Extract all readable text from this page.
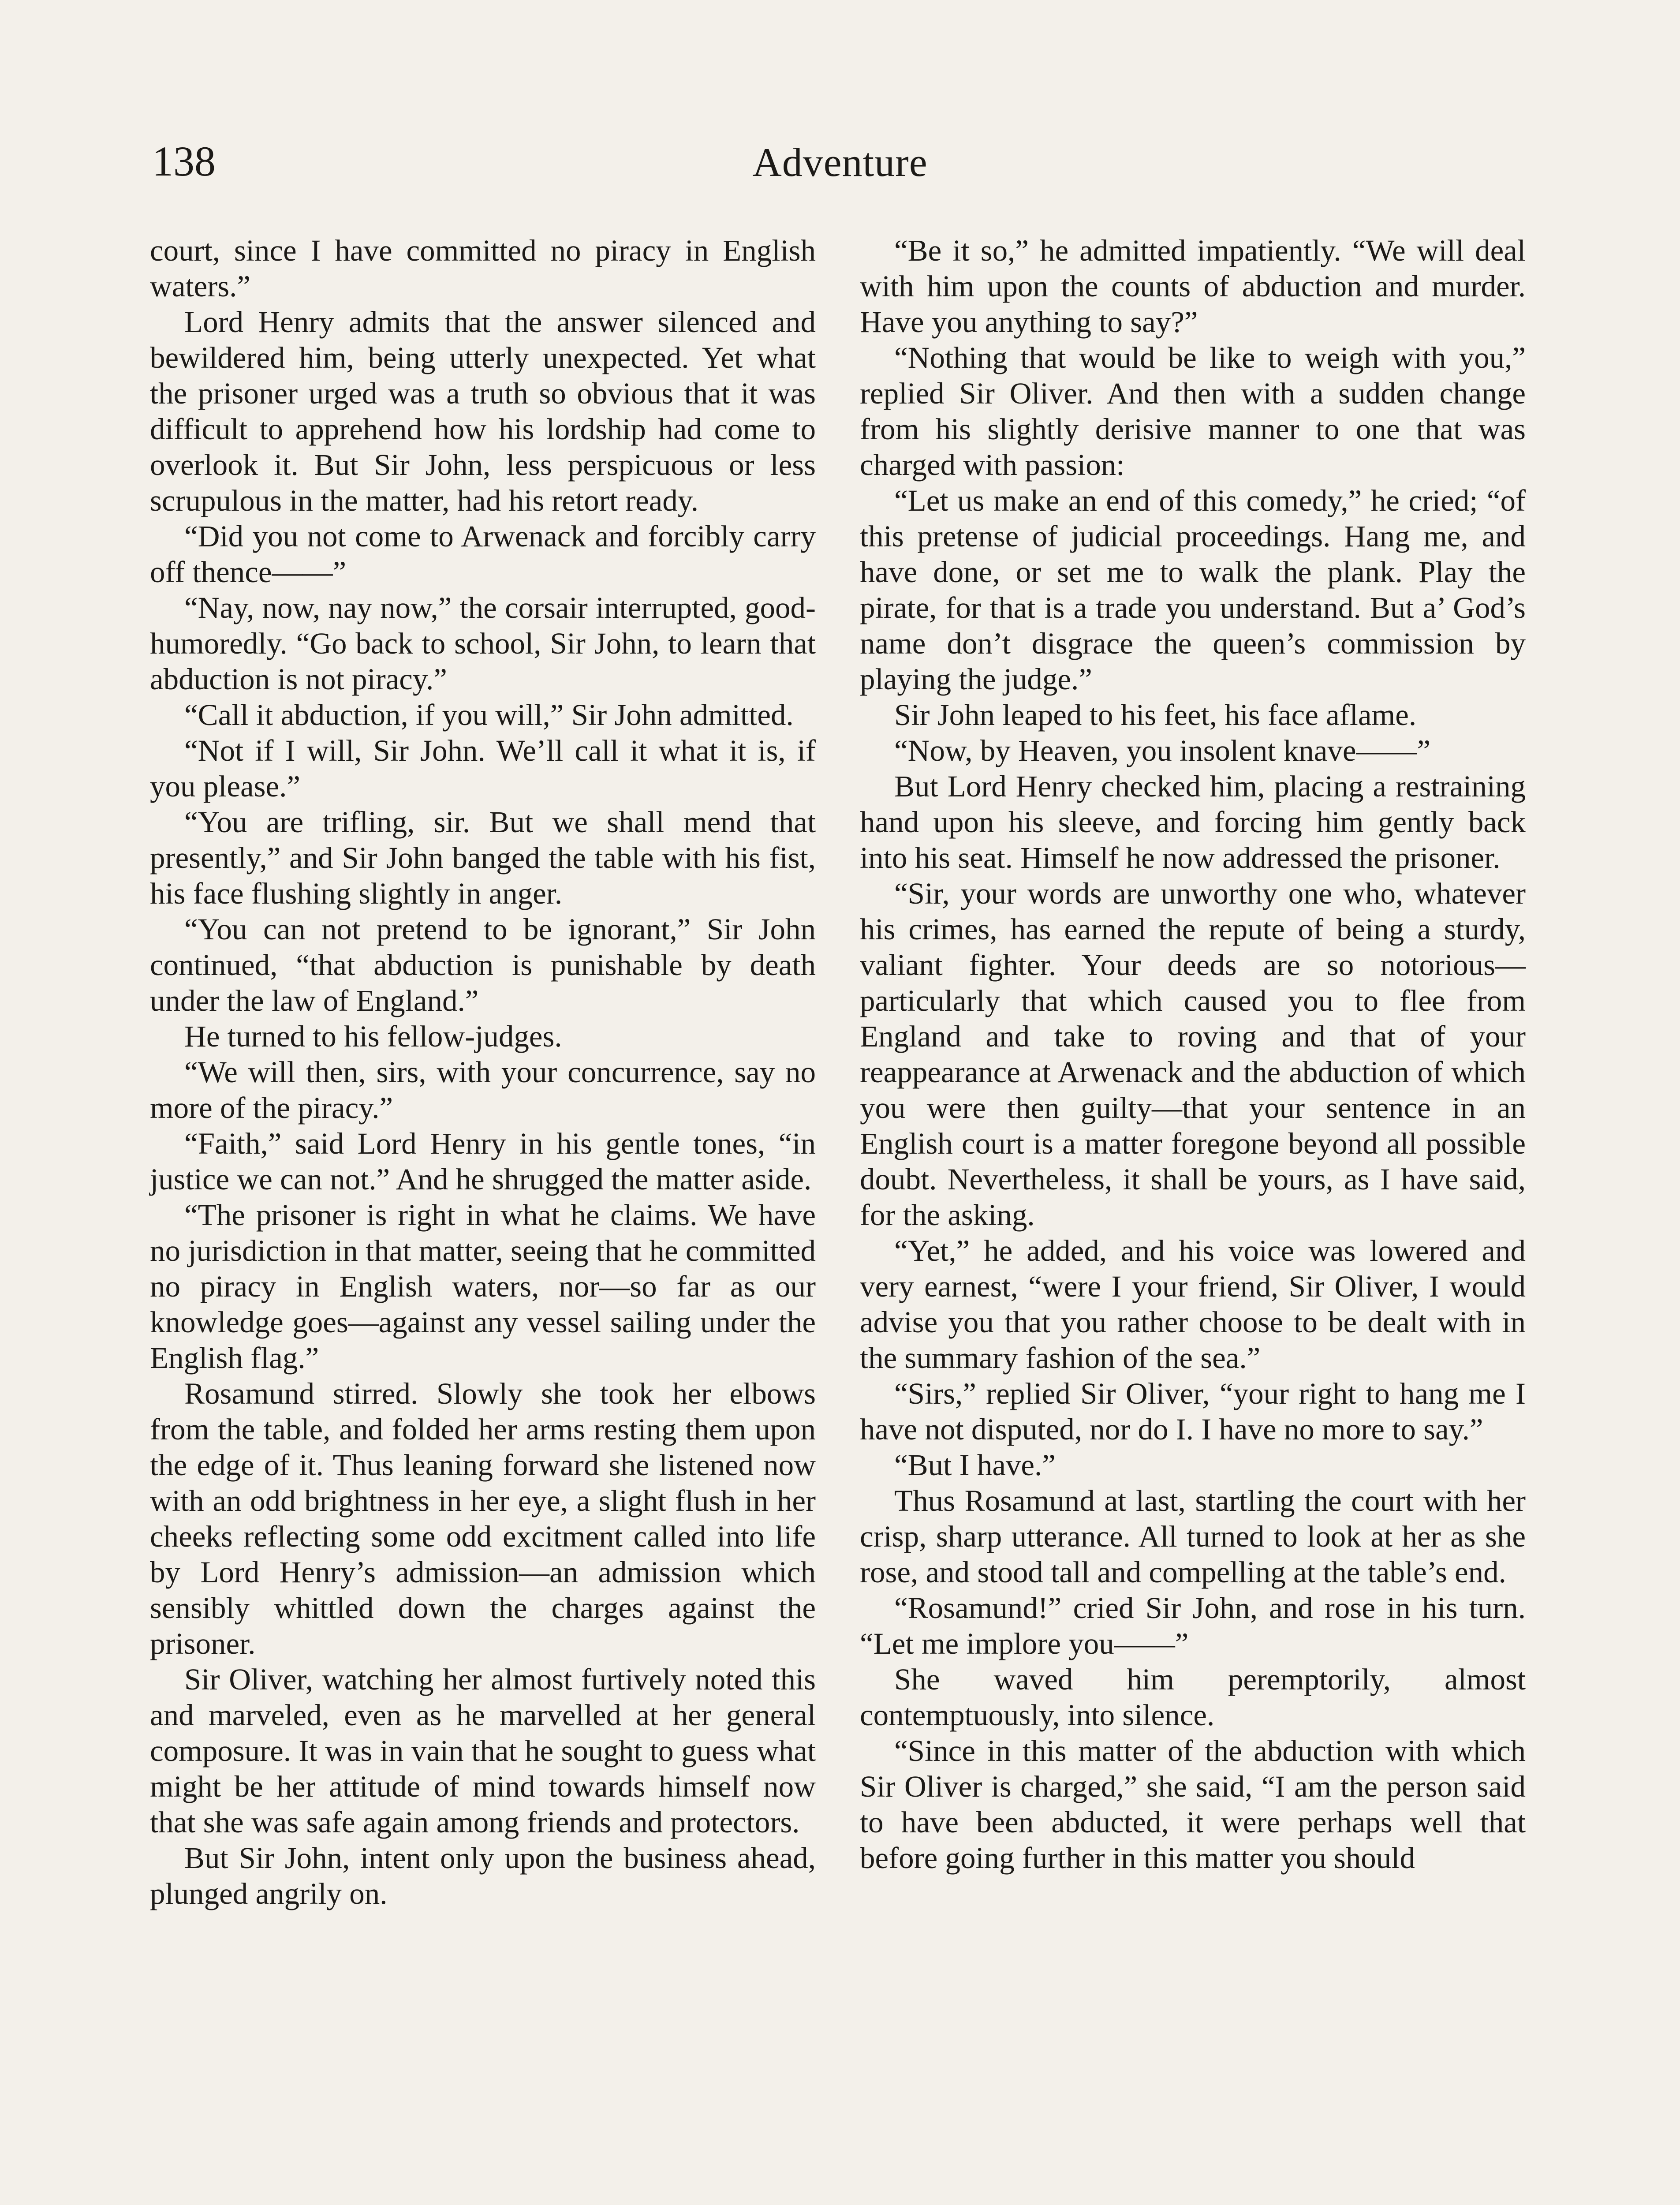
138	Adventure

court, since I have committed no piracy in English waters.”

Lord Henry admits that the answer silenced and bewildered him, being utterly unexpected. Yet what the prisoner urged was a truth so obvious that it was difficult to apprehend how his lordship had come to overlook it. But Sir John, less perspicuous or less scrupulous in the matter, had his retort ready.

“Did you not come to Arwenack and forcibly carry off thence——”

“Nay, now, nay now,” the corsair interrupted, good-humoredly. “Go back to school, Sir John, to learn that abduction is not piracy.”

“Call it abduction, if you will,” Sir John admitted.

“Not if I will, Sir John. We’ll call it what it is, if you please.”

“You are trifling, sir. But we shall mend that presently,” and Sir John banged the table with his fist, his face flushing slightly in anger.

“You can not pretend to be ignorant,” Sir John continued, “that abduction is punishable by death under the law of England.”

He turned to his fellow-judges.

“We will then, sirs, with your concurrence, say no more of the piracy.”

“Faith,” said Lord Henry in his gentle tones, “in justice we can not.” And he shrugged the matter aside.

“The prisoner is right in what he claims. We have no jurisdiction in that matter, seeing that he committed no piracy in English waters, nor—so far as our knowledge goes—against any vessel sailing under the English flag.”

Rosamund stirred. Slowly she took her elbows from the table, and folded her arms resting them upon the edge of it. Thus leaning forward she listened now with an odd brightness in her eye, a slight flush in her cheeks reflecting some odd excitment called into life by Lord Henry’s admission—an admission which sensibly whittled down the charges against the prisoner.

Sir Oliver, watching her almost furtively noted this and marveled, even as he marvelled at her general composure. It was in vain that he sought to guess what might be her attitude of mind towards himself now that she was safe again among friends and protectors.

But Sir John, intent only upon the business ahead, plunged angrily on.

“Be it so,” he admitted impatiently. “We will deal with him upon the counts of abduction and murder. Have you anything to say?”

“Nothing that would be like to weigh with you,” replied Sir Oliver. And then with a sudden change from his slightly derisive manner to one that was charged with passion:

“Let us make an end of this comedy,” he cried; “of this pretense of judicial proceedings. Hang me, and have done, or set me to walk the plank. Play the pirate, for that is a trade you understand. But a’ God’s name don’t disgrace the queen’s commission by playing the judge.”

Sir John leaped to his feet, his face aflame.

“Now, by Heaven, you insolent knave——”

But Lord Henry checked him, placing a restraining hand upon his sleeve, and forcing him gently back into his seat. Himself he now addressed the prisoner.

“Sir, your words are unworthy one who, whatever his crimes, has earned the repute of being a sturdy, valiant fighter. Your deeds are so notorious—particularly that which caused you to flee from England and take to roving and that of your reappearance at Arwenack and the abduction of which you were then guilty—that your sentence in an English court is a matter foregone beyond all possible doubt. Nevertheless, it shall be yours, as I have said, for the asking.

“Yet,” he added, and his voice was lowered and very earnest, “were I your friend, Sir Oliver, I would advise you that you rather choose to be dealt with in the summary fashion of the sea.”

“Sirs,” replied Sir Oliver, “your right to hang me I have not disputed, nor do I. I have no more to say.”

“But I have.”

Thus Rosamund at last, startling the court with her crisp, sharp utterance. All turned to look at her as she rose, and stood tall and compelling at the table’s end.

“Rosamund!” cried Sir John, and rose in his turn. “Let me implore you——”

She waved him peremptorily, almost contemptuously, into silence.

“Since in this matter of the abduction with which Sir Oliver is charged,” she said, “I am the person said to have been abducted, it were perhaps well that before going further in this matter you should
